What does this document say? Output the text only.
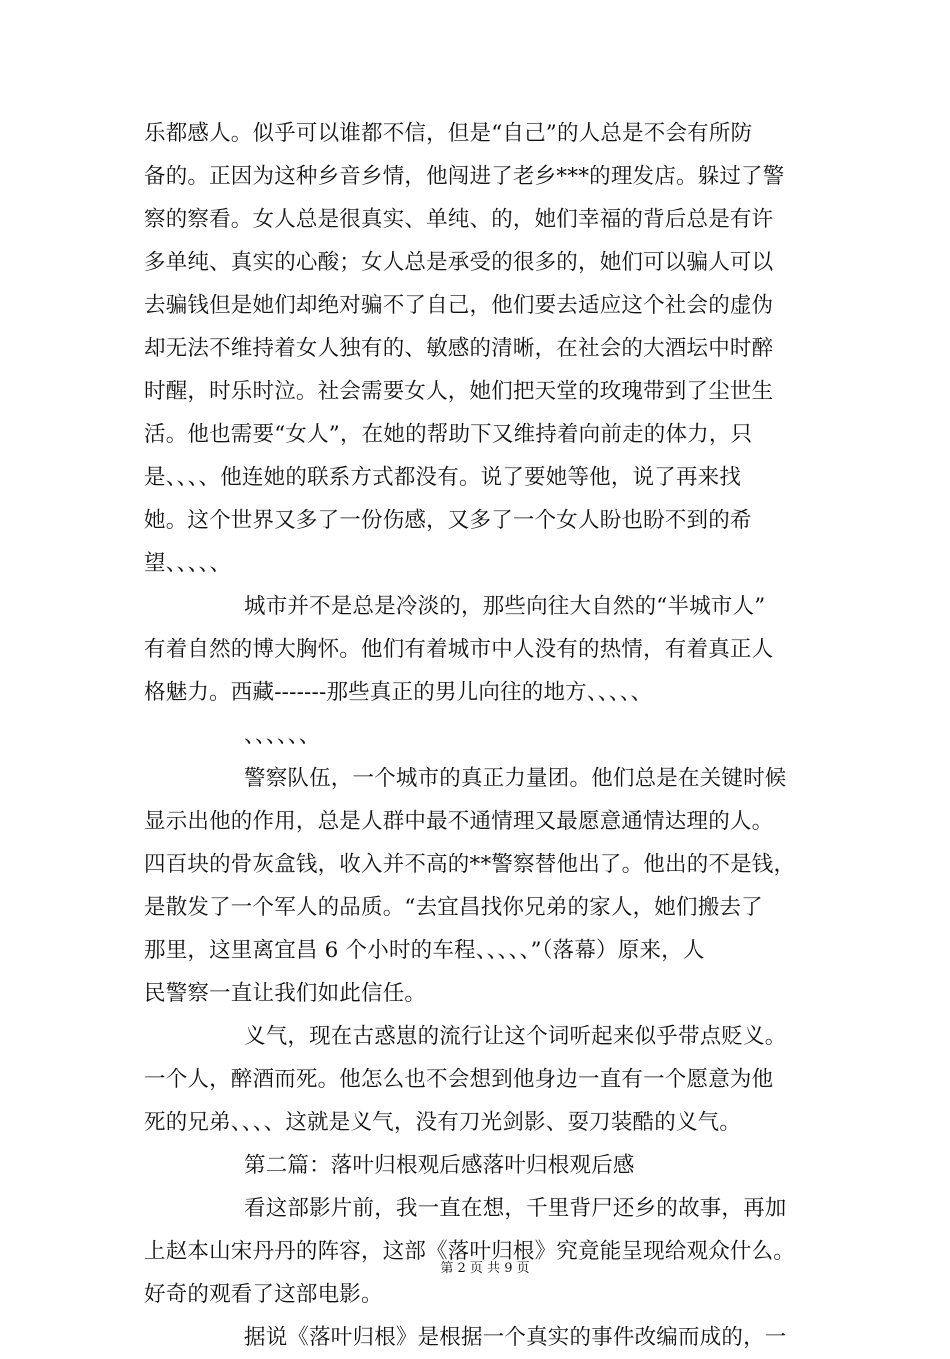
乐都感人。似乎可以谁都不信，但是“自己”的人总是不会有所防
备的。正因为这种乡音乡情，他闯进了老乡***的理发店。躲过了警
察的察看。女人总是很真实、单纯、的，她们幸福的背后总是有许
多单纯、真实的心酸；女人总是承受的很多的，她们可以骗人可以
去骗钱但是她们却绝对骗不了自己，他们要去适应这个社会的虚伪
却无法不维持着女人独有的、敏感的清晰，在社会的大酒坛中时醉
时醒，时乐时泣。社会需要女人，她们把天堂的玫瑰带到了尘世生
活。他也需要“女人”，在她的帮助下又维持着向前走的体力，只
是、、、、他连她的联系方式都没有。说了要她等他，说了再来找
她。这个世界又多了一份伤感，又多了一个女人盼也盼不到的希
望、、、、、
城市并不是总是冷淡的，那些向往大自然的“半城市人”
有着自然的博大胸怀。他们有着城市中人没有的热情，有着真正人
格魅力。西藏-------那些真正的男儿向往的地方、、、、、
、、、、、、
警察队伍，一个城市的真正力量团。他们总是在关键时候
显示出他的作用，总是人群中最不通情理又最愿意通情达理的人。
四百块的骨灰盒钱，收入并不高的**警察替他出了。他出的不是钱，
是散发了一个军人的品质。“去宜昌找你兄弟的家人，她们搬去了
那里，这里离宜昌 6 个小时的车程、、、、、”（落幕）原来，人
民警察一直让我们如此信任。
义气，现在古惑崽的流行让这个词听起来似乎带点贬义。
一个人，醉酒而死。他怎么也不会想到他身边一直有一个愿意为他
死的兄弟、、、、这就是义气，没有刀光剑影、耍刀装酷的义气。
第二篇：落叶归根观后感落叶归根观后感
看这部影片前，我一直在想，千里背尸还乡的故事，再加
上赵本山宋丹丹的阵容，这部《落叶归根》究竟能呈现给观众什么。
好奇的观看了这部电影。
据说《落叶归根》是根据一个真实的事件改编而成的，一
第 2 页 共 9 页
